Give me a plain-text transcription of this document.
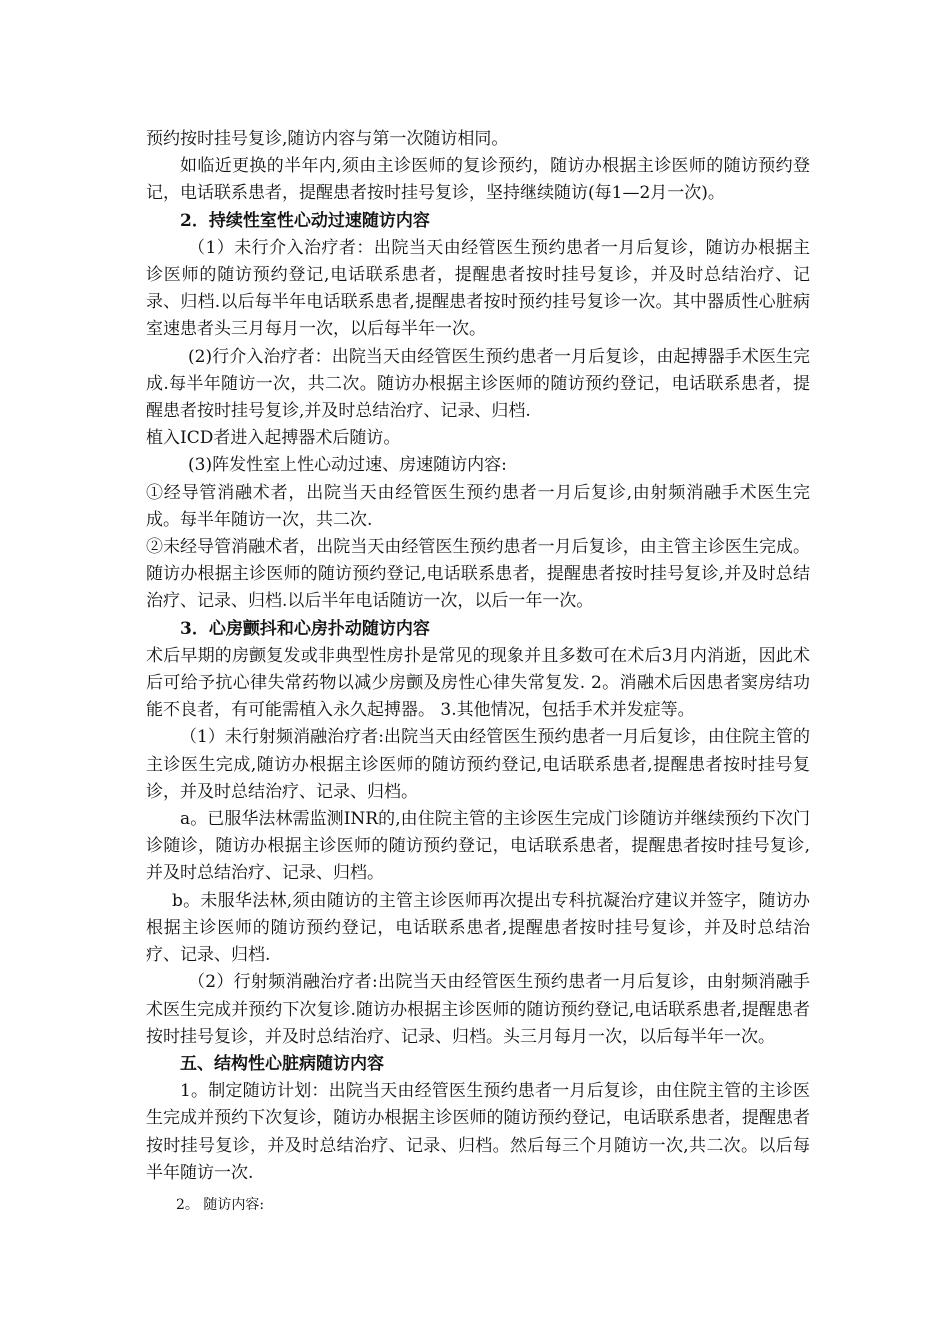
预约按时挂号复诊,随访内容与第一次随访相同。

如临近更换的半年内,须由主诊医师的复诊预约，随访办根据主诊医师的随访预约登记，电话联系患者，提醒患者按时挂号复诊，坚持继续随访(每1—2月一次)。

2．持续性室性心动过速随访内容

（1）未行介入治疗者：出院当天由经管医生预约患者一月后复诊，随访办根据主诊医师的随访预约登记,电话联系患者，提醒患者按时挂号复诊，并及时总结治疗、记录、归档.以后每半年电话联系患者,提醒患者按时预约挂号复诊一次。其中器质性心脏病室速患者头三月每月一次，以后每半年一次。

(2)行介入治疗者：出院当天由经管医生预约患者一月后复诊，由起搏器手术医生完成.每半年随访一次，共二次。随访办根据主诊医师的随访预约登记，电话联系患者，提醒患者按时挂号复诊,并及时总结治疗、记录、归档.

植入ICD者进入起搏器术后随访。

(3)阵发性室上性心动过速、房速随访内容:

①经导管消融术者，出院当天由经管医生预约患者一月后复诊,由射频消融手术医生完成。每半年随访一次，共二次.

②未经导管消融术者，出院当天由经管医生预约患者一月后复诊，由主管主诊医生完成。随访办根据主诊医师的随访预约登记,电话联系患者，提醒患者按时挂号复诊,并及时总结治疗、记录、归档.以后半年电话随访一次，以后一年一次。

3．心房颤抖和心房扑动随访内容

术后早期的房颤复发或非典型性房扑是常见的现象并且多数可在术后3月内消逝，因此术后可给予抗心律失常药物以减少房颤及房性心律失常复发. 2。消融术后因患者窦房结功能不良者，有可能需植入永久起搏器。 3.其他情况，包括手术并发症等。

（1）未行射频消融治疗者:出院当天由经管医生预约患者一月后复诊，由住院主管的主诊医生完成,随访办根据主诊医师的随访预约登记,电话联系患者,提醒患者按时挂号复诊，并及时总结治疗、记录、归档。

a。已服华法林需监测INR的,由住院主管的主诊医生完成门诊随访并继续预约下次门诊随诊，随访办根据主诊医师的随访预约登记，电话联系患者，提醒患者按时挂号复诊,并及时总结治疗、记录、归档。

b。未服华法林,须由随访的主管主诊医师再次提出专科抗凝治疗建议并签字，随访办根据主诊医师的随访预约登记，电话联系患者,提醒患者按时挂号复诊，并及时总结治疗、记录、归档.

（2）行射频消融治疗者:出院当天由经管医生预约患者一月后复诊，由射频消融手术医生完成并预约下次复诊.随访办根据主诊医师的随访预约登记,电话联系患者,提醒患者按时挂号复诊，并及时总结治疗、记录、归档。头三月每月一次，以后每半年一次。

五、结构性心脏病随访内容

1。制定随访计划：出院当天由经管医生预约患者一月后复诊，由住院主管的主诊医生完成并预约下次复诊，随访办根据主诊医师的随访预约登记，电话联系患者，提醒患者按时挂号复诊，并及时总结治疗、记录、归档。然后每三个月随访一次,共二次。以后每半年随访一次.

2。 随访内容:
